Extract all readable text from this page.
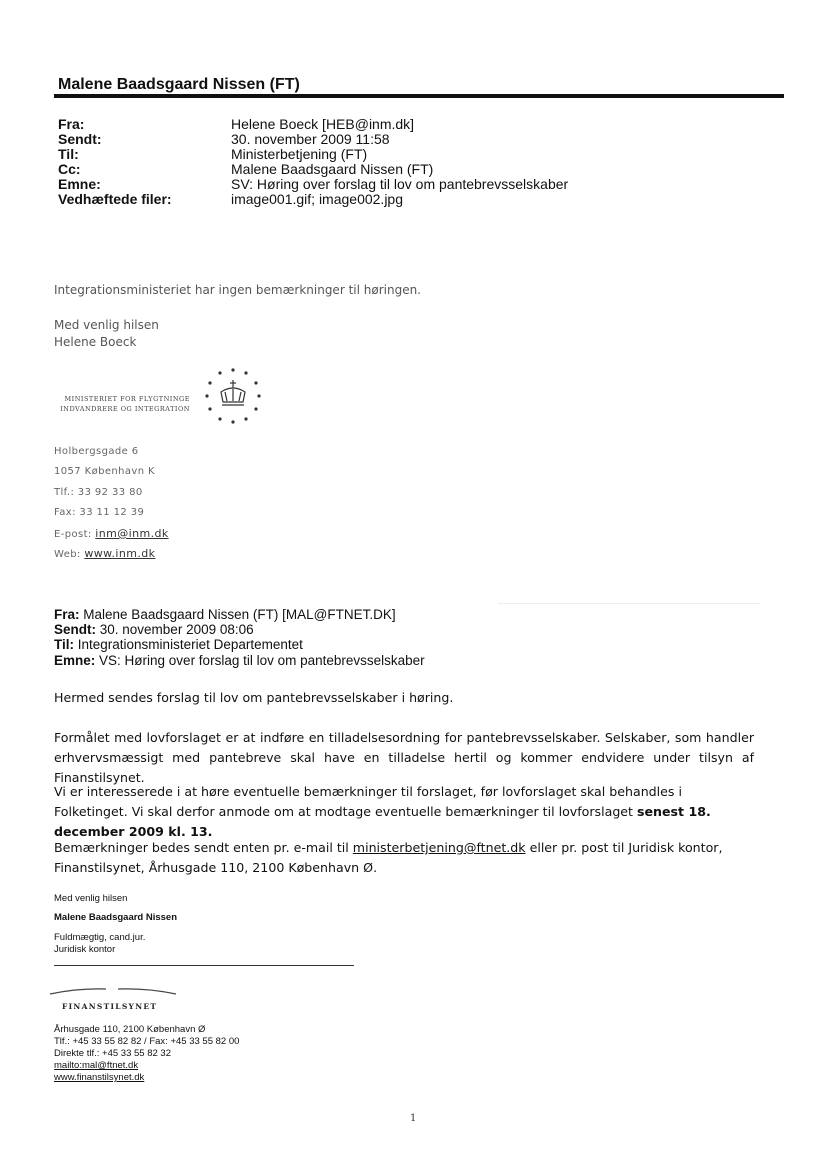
Malene Baadsgaard Nissen (FT)
Fra:	Helene Boeck [HEB@inm.dk]
Sendt:	30. november 2009 11:58
Til:	Ministerbetjening (FT)
Cc:	Malene Baadsgaard Nissen (FT)
Emne:	SV: Høring over forslag til lov om pantebrevsselskaber
Vedhæftede filer:	image001.gif; image002.jpg
Integrationsministeriet har ingen bemærkninger til høringen.
Med venlig hilsen
Helene Boeck
MINISTERIET FOR FLYGTNINGE
INDVANDRERE OG INTEGRATION
Holbergsgade 6
1057 København K
Tlf.: 33 92 33 80
Fax: 33 11 12 39
E-post: inm@inm.dk
Web: www.inm.dk
Fra: Malene Baadsgaard Nissen (FT) [MAL@FTNET.DK]
Sendt: 30. november 2009 08:06
Til: Integrationsministeriet Departementet
Emne: VS: Høring over forslag til lov om pantebrevsselskaber
Hermed sendes forslag til lov om pantebrevsselskaber i høring.
Formålet med lovforslaget er at indføre en tilladelsesordning for pantebrevsselskaber. Selskaber, som handler erhvervsmæssigt med pantebreve skal have en tilladelse hertil og kommer endvidere under tilsyn af Finanstilsynet.
Vi er interesserede i at høre eventuelle bemærkninger til forslaget, før lovforslaget skal behandles i Folketinget. Vi skal derfor anmode om at modtage eventuelle bemærkninger til lovforslaget senest 18. december 2009 kl. 13.
Bemærkninger bedes sendt enten pr. e-mail til ministerbetjening@ftnet.dk eller pr. post til Juridisk kontor, Finanstilsynet, Århusgade 110, 2100 København Ø.
Med venlig hilsen
Malene Baadsgaard Nissen
Fuldmægtig, cand.jur.
Juridisk kontor
FINANSTILSYNET
Århusgade 110, 2100 København Ø
Tlf.: +45 33 55 82 82 / Fax: +45 33 55 82 00
Direkte tlf.: +45 33 55 82 32
mailto:mal@ftnet.dk
www.finanstilsynet.dk
1
